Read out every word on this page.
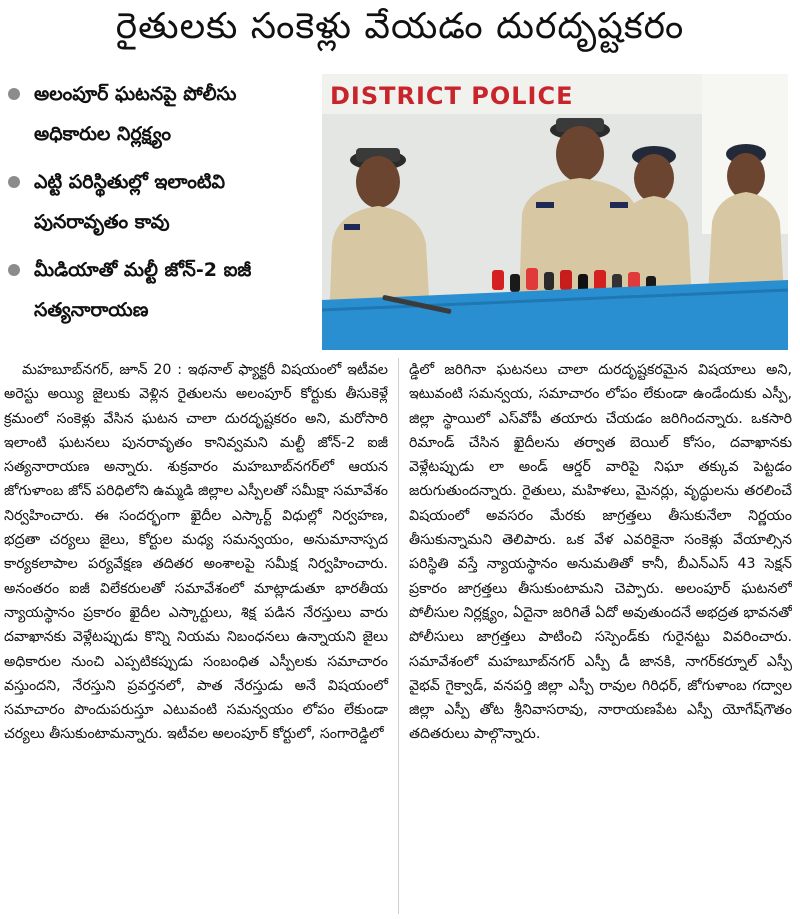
రైతులకు సంకెళ్లు వేయడం దురదృష్టకరం
అలంపూర్ ఘటనపై పోలీసు అధికారుల నిర్లక్ష్యం
ఎట్టి పరిస్థితుల్లో ఇలాంటివి పునరావృతం కావు
మీడియాతో మల్టీ జోన్-2 ఐజీ సత్యనారాయణ
DISTRICT POLICE

మహబూబ్‌నగర్, జూన్ 20 : ఇథనాల్ ఫ్యాక్టరీ విషయంలో ఇటీవల అరెస్టు అయ్యి జైలుకు వెళ్లిన రైతులను అలంపూర్ కోర్టుకు తీసుకెళ్లే క్రమంలో సంకెళ్లు వేసిన ఘటన చాలా దురదృష్టకరం అని, మరోసారి ఇలాంటి ఘటనలు పునరావృతం కానివ్వమని మల్టీ జోన్-2 ఐజీ సత్యనారాయణ అన్నారు. శుక్రవారం మహబూబ్‌నగర్‌లో ఆయన జోగుళాంబ జోన్ పరిధిలోని ఉమ్మడి జిల్లాల ఎస్పీలతో సమీక్షా సమావేశం నిర్వహించారు. ఈ సందర్భంగా ఖైదీల ఎస్కార్ట్ విధుల్లో నిర్వహణ, భద్రతా చర్యలు జైలు, కోర్టుల మధ్య సమన్వయం, అనుమానాస్పద కార్యకలాపాల పర్యవేక్షణ తదితర అంశాలపై సమీక్ష నిర్వహించారు. అనంతరం ఐజీ విలేకరులతో సమావేశంలో మాట్లాడుతూ భారతీయ న్యాయస్థానం ప్రకారం ఖైదీల ఎస్కార్టులు, శిక్ష పడిన నేరస్తులు వారు దవాఖానకు వెళ్లేటప్పుడు కొన్ని నియమ నిబంధనలు ఉన్నాయని జైలు అధికారుల నుంచి ఎప్పటికప్పుడు సంబంధిత ఎస్పీలకు సమాచారం వస్తుందని, నేరస్తుని ప్రవర్తనలో, పాత నేరస్తుడు అనే విషయంలో సమాచారం పొందుపరుస్తూ ఎటువంటి సమన్వయం లోపం లేకుండా చర్యలు తీసుకుంటామన్నారు. ఇటీవల అలంపూర్ కోర్టులో, సంగారెడ్డిలో

డ్డిలో జరిగినా ఘటనలు చాలా దురదృష్టకరమైన విషయాలు అని, ఇటువంటి సమన్వయ, సమాచారం లోపం లేకుండా ఉండేందుకు ఎస్పీ, జిల్లా స్థాయిలో ఎస్‌వోపీ తయారు చేయడం జరిగిందన్నారు. ఒకసారి రిమాండ్ చేసిన ఖైదీలను తర్వాత బెయిల్ కోసం, దవాఖానకు వెళ్లేటప్పుడు లా అండ్ ఆర్డర్ వారిపై నిఘా తక్కువ పెట్టడం జరుగుతుందన్నారు. రైతులు, మహిళలు, మైనర్లు, వృద్ధులను తరలించే విషయంలో అవసరం మేరకు జాగ్రత్తలు తీసుకునేలా నిర్ణయం తీసుకున్నామని తెలిపారు. ఒక వేళ ఎవరికైనా సంకెళ్లు వేయాల్సిన పరిస్థితి వస్తే న్యాయస్థానం అనుమతితో కానీ, బీఎన్ఎస్ 43 సెక్షన్ ప్రకారం జాగ్రత్తలు తీసుకుంటామని చెప్పారు. అలంపూర్ ఘటనలో పోలీసుల నిర్లక్ష్యం, ఏదైనా జరిగితే ఏదో అవుతుందనే అభద్రత భావనతో పోలీసులు జాగ్రత్తలు పాటించి సస్పెండ్‌కు గురైనట్టు వివరించారు. సమావేశంలో మహబూబ్‌నగర్ ఎస్పీ డీ జానకి, నాగర్‌కర్నూల్ ఎస్పీ వైభవ్ గైక్వాడ్, వనపర్తి జిల్లా ఎస్పీ రావుల గిరిధర్, జోగుళాంబ గద్వాల జిల్లా ఎస్పీ తోట శ్రీనివాసరావు, నారాయణపేట ఎస్పీ యోగేష్‌గౌతం తదితరులు పాల్గొన్నారు.
